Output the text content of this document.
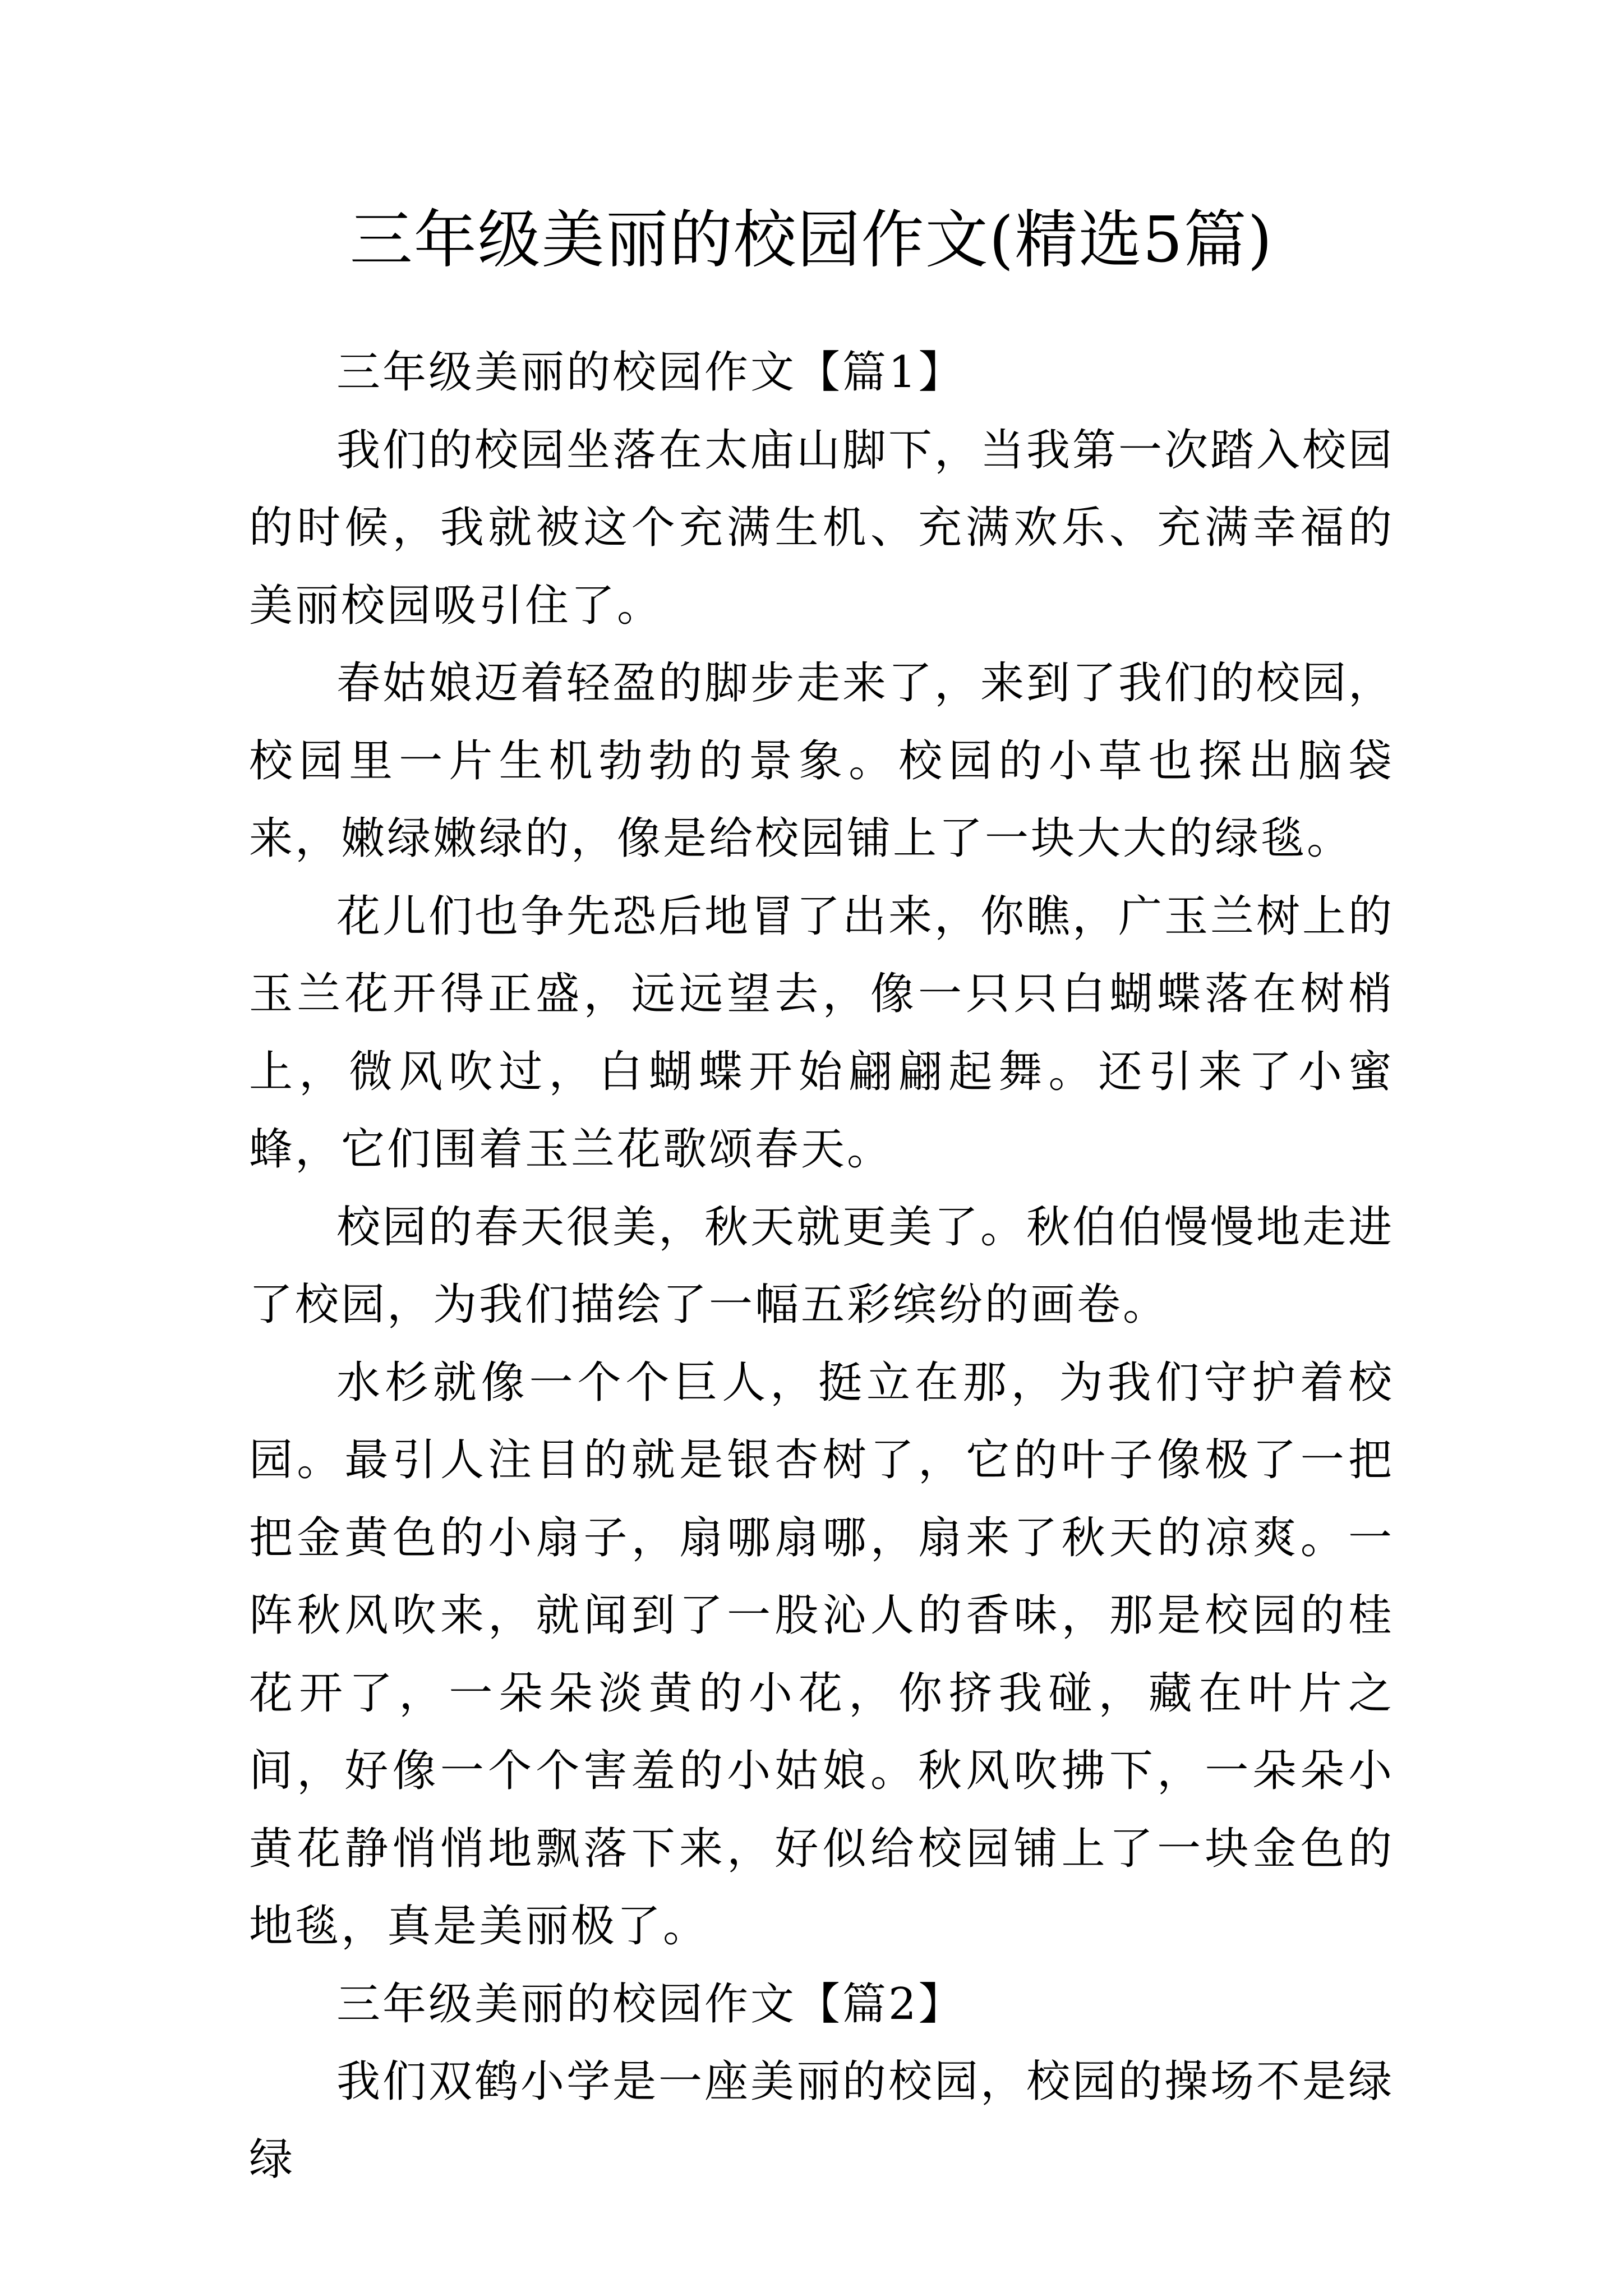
三年级美丽的校园作文(精选5篇)

三年级美丽的校园作文【篇1】

我们的校园坐落在太庙山脚下，当我第一次踏入校园的时候，我就被这个充满生机、充满欢乐、充满幸福的美丽校园吸引住了。

春姑娘迈着轻盈的脚步走来了，来到了我们的校园，校园里一片生机勃勃的景象。校园的小草也探出脑袋来，嫩绿嫩绿的，像是给校园铺上了一块大大的绿毯。

花儿们也争先恐后地冒了出来，你瞧，广玉兰树上的玉兰花开得正盛，远远望去，像一只只白蝴蝶落在树梢上，微风吹过，白蝴蝶开始翩翩起舞。还引来了小蜜蜂，它们围着玉兰花歌颂春天。

校园的春天很美，秋天就更美了。秋伯伯慢慢地走进了校园，为我们描绘了一幅五彩缤纷的画卷。

水杉就像一个个巨人，挺立在那，为我们守护着校园。最引人注目的就是银杏树了，它的叶子像极了一把把金黄色的小扇子，扇哪扇哪，扇来了秋天的凉爽。一阵秋风吹来，就闻到了一股沁人的香味，那是校园的桂花开了，一朵朵淡黄的小花，你挤我碰，藏在叶片之间，好像一个个害羞的小姑娘。秋风吹拂下，一朵朵小黄花静悄悄地飘落下来，好似给校园铺上了一块金色的地毯，真是美丽极了。

三年级美丽的校园作文【篇2】

我们双鹤小学是一座美丽的校园，校园的操场不是绿绿
